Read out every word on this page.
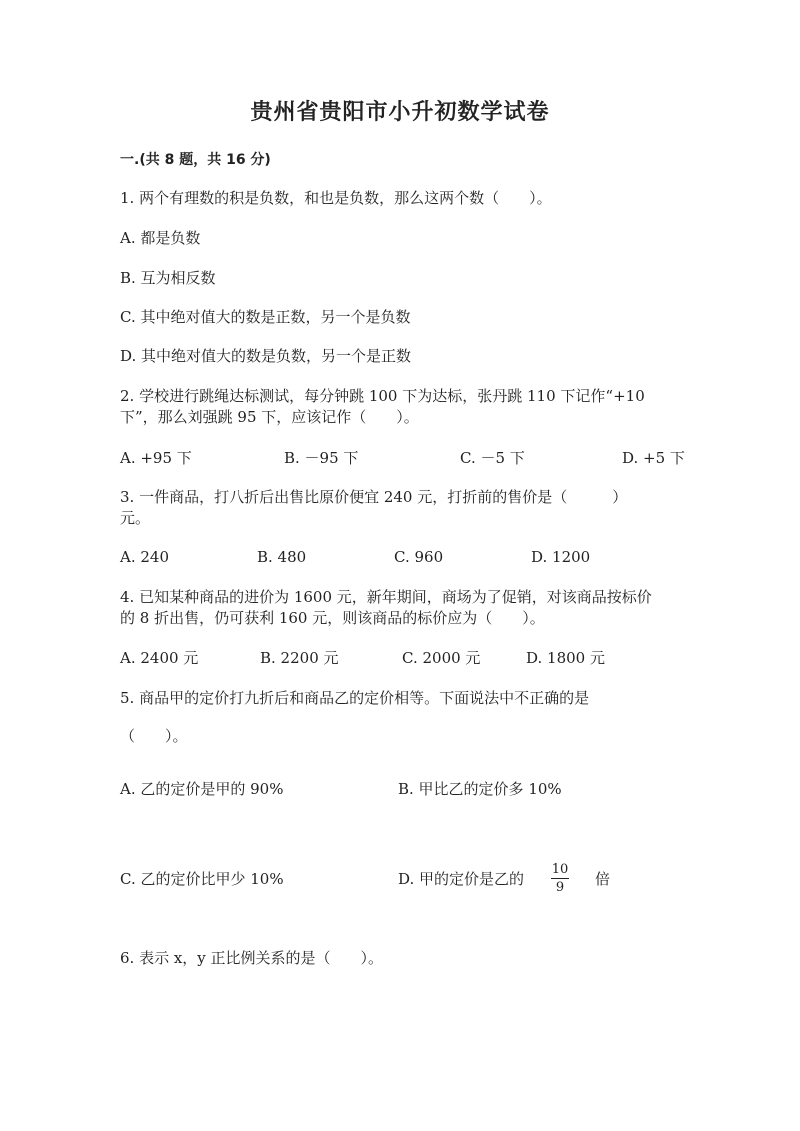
贵州省贵阳市小升初数学试卷
一.(共 8 题，共 16 分)
1. 两个有理数的积是负数，和也是负数，那么这两个数（　　）。
A. 都是负数
B. 互为相反数
C. 其中绝对值大的数是正数，另一个是负数
D. 其中绝对值大的数是负数，另一个是正数
2. 学校进行跳绳达标测试，每分钟跳 100 下为达标，张丹跳 110 下记作“+10
下”，那么刘强跳 95 下，应该记作（　　）。
A. +95 下	B. －95 下	C. －5 下	D. +5 下
3. 一件商品，打八折后出售比原价便宜 240 元，打折前的售价是（　　　）
元。
A. 240	B. 480	C. 960	D. 1200
4. 已知某种商品的进价为 1600 元，新年期间，商场为了促销，对该商品按标价
的 8 折出售，仍可获利 160 元，则该商品的标价应为（　　）。
A. 2400 元	B. 2200 元	C. 2000 元	D. 1800 元
5. 商品甲的定价打九折后和商品乙的定价相等。下面说法中不正确的是
（　　）。
A. 乙的定价是甲的 90%	B. 甲比乙的定价多 10%
C. 乙的定价比甲少 10%	D. 甲的定价是乙的
10
9	倍
6. 表示 x，y 正比例关系的是（　　）。
